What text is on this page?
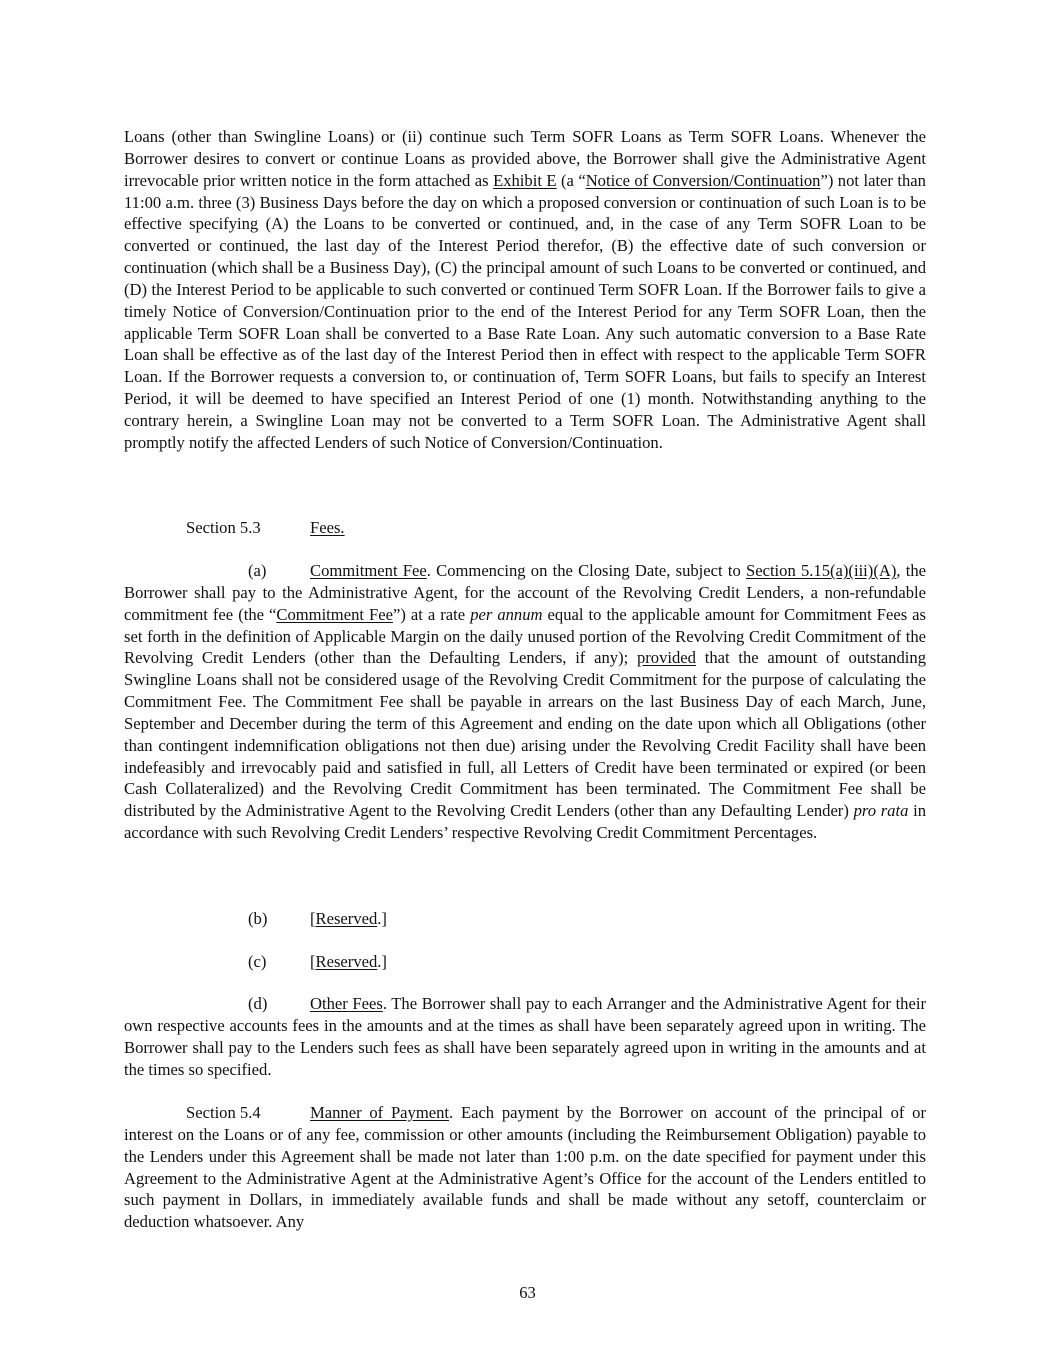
Loans (other than Swingline Loans) or (ii) continue such Term SOFR Loans as Term SOFR Loans. Whenever the Borrower desires to convert or continue Loans as provided above, the Borrower shall give the Administrative Agent irrevocable prior written notice in the form attached as Exhibit E (a “Notice of Conversion/Continuation”) not later than 11:00 a.m. three (3) Business Days before the day on which a proposed conversion or continuation of such Loan is to be effective specifying (A) the Loans to be converted or continued, and, in the case of any Term SOFR Loan to be converted or continued, the last day of the Interest Period therefor, (B) the effective date of such conversion or continuation (which shall be a Business Day), (C) the principal amount of such Loans to be converted or continued, and (D) the Interest Period to be applicable to such converted or continued Term SOFR Loan. If the Borrower fails to give a timely Notice of Conversion/Continuation prior to the end of the Interest Period for any Term SOFR Loan, then the applicable Term SOFR Loan shall be converted to a Base Rate Loan. Any such automatic conversion to a Base Rate Loan shall be effective as of the last day of the Interest Period then in effect with respect to the applicable Term SOFR Loan. If the Borrower requests a conversion to, or continuation of, Term SOFR Loans, but fails to specify an Interest Period, it will be deemed to have specified an Interest Period of one (1) month. Notwithstanding anything to the contrary herein, a Swingline Loan may not be converted to a Term SOFR Loan. The Administrative Agent shall promptly notify the affected Lenders of such Notice of Conversion/Continuation.

Section 5.3	Fees.

(a)	Commitment Fee. Commencing on the Closing Date, subject to Section 5.15(a)(iii)(A), the Borrower shall pay to the Administrative Agent, for the account of the Revolving Credit Lenders, a non-refundable commitment fee (the “Commitment Fee”) at a rate per annum equal to the applicable amount for Commitment Fees as set forth in the definition of Applicable Margin on the daily unused portion of the Revolving Credit Commitment of the Revolving Credit Lenders (other than the Defaulting Lenders, if any); provided that the amount of outstanding Swingline Loans shall not be considered usage of the Revolving Credit Commitment for the purpose of calculating the Commitment Fee. The Commitment Fee shall be payable in arrears on the last Business Day of each March, June, September and December during the term of this Agreement and ending on the date upon which all Obligations (other than contingent indemnification obligations not then due) arising under the Revolving Credit Facility shall have been indefeasibly and irrevocably paid and satisfied in full, all Letters of Credit have been terminated or expired (or been Cash Collateralized) and the Revolving Credit Commitment has been terminated. The Commitment Fee shall be distributed by the Administrative Agent to the Revolving Credit Lenders (other than any Defaulting Lender) pro rata in accordance with such Revolving Credit Lenders’ respective Revolving Credit Commitment Percentages.

(b)	[Reserved.]

(c)	[Reserved.]

(d)	Other Fees. The Borrower shall pay to each Arranger and the Administrative Agent for their own respective accounts fees in the amounts and at the times as shall have been separately agreed upon in writing. The Borrower shall pay to the Lenders such fees as shall have been separately agreed upon in writing in the amounts and at the times so specified.

Section 5.4	Manner of Payment. Each payment by the Borrower on account of the principal of or interest on the Loans or of any fee, commission or other amounts (including the Reimbursement Obligation) payable to the Lenders under this Agreement shall be made not later than 1:00 p.m. on the date specified for payment under this Agreement to the Administrative Agent at the Administrative Agent’s Office for the account of the Lenders entitled to such payment in Dollars, in immediately available funds and shall be made without any setoff, counterclaim or deduction whatsoever. Any

63
